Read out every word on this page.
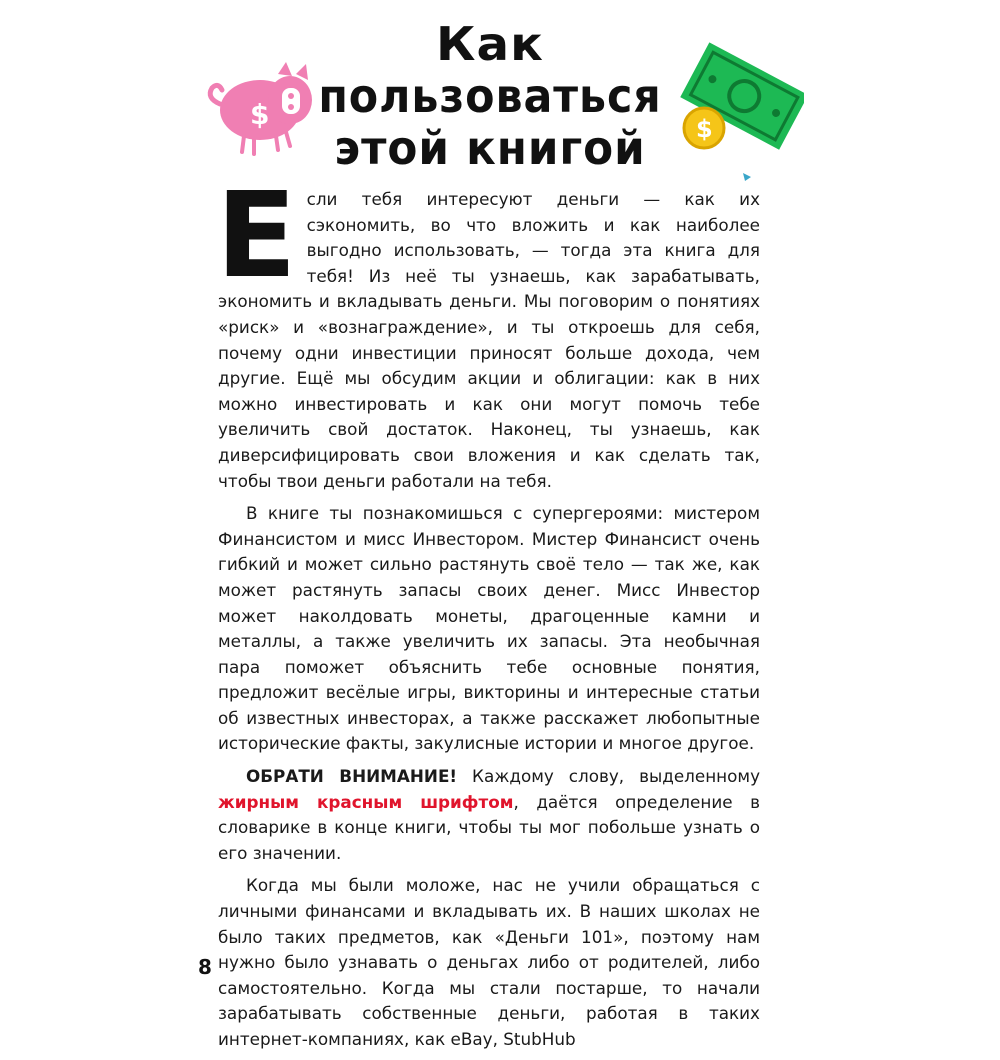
Как
пользоваться
этой книгой
$	$

Если тебя интересуют деньги — как их сэкономить, во что вложить и как наиболее выгодно использовать, — тогда эта книга для тебя! Из неё ты узнаешь, как зарабатывать, экономить и вкладывать деньги. Мы поговорим о понятиях «риск» и «вознаграждение», и ты откроешь для себя, почему одни инвестиции приносят больше дохода, чем другие. Ещё мы обсудим акции и облигации: как в них можно инвестировать и как они могут помочь тебе увеличить свой достаток. Наконец, ты узнаешь, как диверсифицировать свои вложения и как сделать так, чтобы твои деньги работали на тебя.

В книге ты познакомишься с супергероями: мистером Финансистом и мисс Инвестором. Мистер Финансист очень гибкий и может сильно растянуть своё тело — так же, как может растянуть запасы своих денег. Мисс Инвестор может наколдовать монеты, драгоценные камни и металлы, а также увеличить их запасы. Эта необычная пара поможет объяснить тебе основные понятия, предложит весёлые игры, викторины и интересные статьи об известных инвесторах, а также расскажет любопытные исторические факты, закулисные истории и многое другое.

ОБРАТИ ВНИМАНИЕ! Каждому слову, выделенному жирным красным шрифтом, даётся определение в словарике в конце книги, чтобы ты мог побольше узнать о его значении.

Когда мы были моложе, нас не учили обращаться с личными финансами и вкладывать их. В наших школах не было таких предметов, как «Деньги 101», поэтому нам нужно было узнавать о деньгах либо от родителей, либо самостоятельно. Когда мы стали постарше, то начали зарабатывать собственные деньги, работая в таких интернет-компаниях, как eBay, StubHub

8
